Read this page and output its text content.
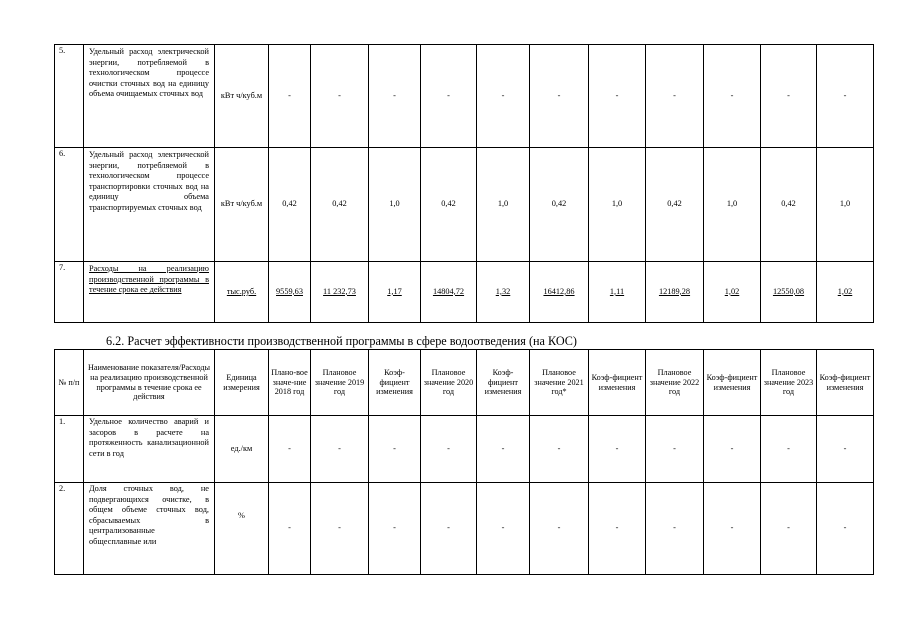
5.	Удельный расход электрической энергии, потребляемой в технологическом процессе очистки сточных вод на единицу объема очищаемых сточных вод	кВт ч/куб.м	-	-	-	-	-	-	-	-	-	-	-
6.	Удельный расход электрической энергии, потребляемой в технологическом процессе транспортировки сточных вод на единицу объема транспортируемых сточных вод	кВт ч/куб.м	0,42	0,42	1,0	0,42	1,0	0,42	1,0	0,42	1,0	0,42	1,0
7.	Расходы на реализацию производственной программы в течение срока ее действия	тыс.руб.	9559,63	11 232,73	1,17	14804,72	1,32	16412,86	1,11	12189,28	1,02	12550,08	1,02
6.2. Расчет эффективности производственной программы в сфере водоотведения (на КОС)
№ п/п	Наименование показателя/Расходы на реализацию производственной программы в течение срока ее действия	Единица измерения	Плано-вое значе-ние 2018 год	Плановое значение 2019 год	Коэф-фициент изменения	Плановое значение 2020 год	Коэф-фициент изменения	Плановое значение 2021 год*	Коэф-фициент изменения	Плановое значение 2022 год	Коэф-фициент изменения	Плановое значение 2023 год	Коэф-фициент изменения
1.	Удельное количество аварий и засоров в расчете на протяженность канализационной сети в год	ед./км	-	-	-	-	-	-	-	-	-	-	-
2.	Доля сточных вод, не подвергающихся очистке, в общем объеме сточных вод, сбрасываемых в централизованные общесплавные или	%	-	-	-	-	-	-	-	-	-	-	-
